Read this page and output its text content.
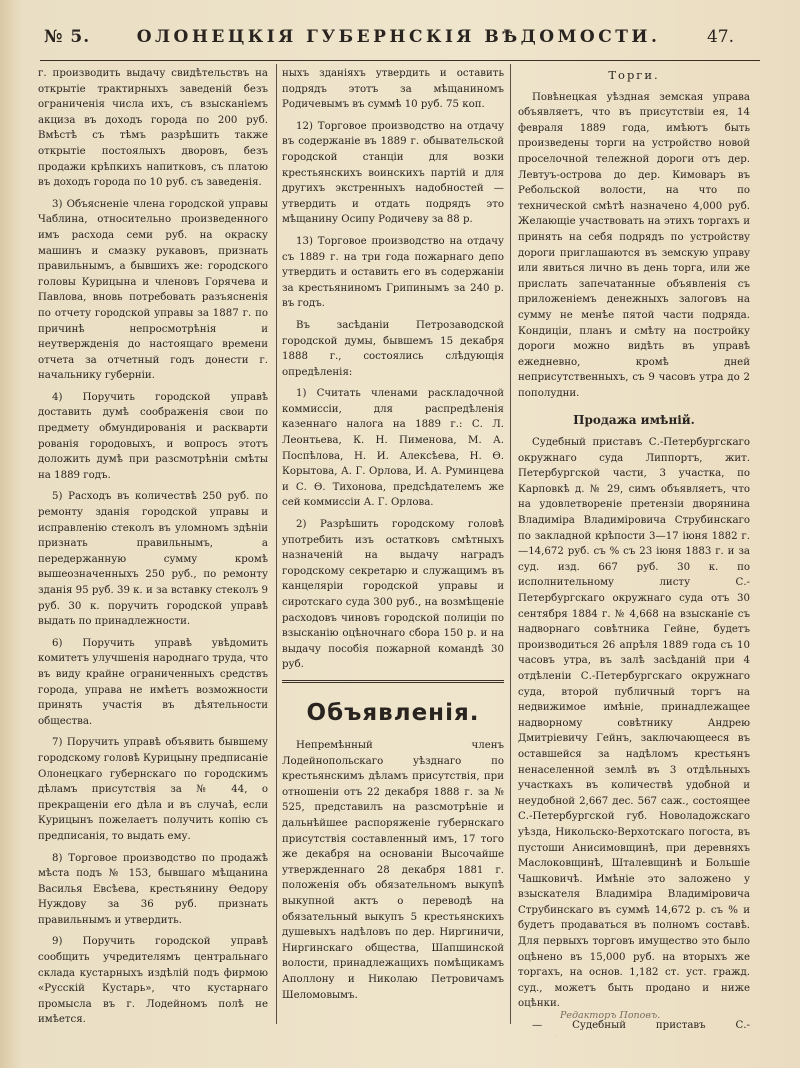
№ 5.	ОЛОНЕЦКІЯ ГУБЕРНСКІЯ ВѢДОМОСТИ.	47.

г. производить выдачу свидѣтельствъ на открытіе трактирныхъ заведеній безъ ограниченія числа ихъ, съ взысканіемъ акциза въ доходъ города по 200 руб. Вмѣстѣ съ тѣмъ разрѣшить также открытіе постоялыхъ дворовъ, безъ продажи крѣпкихъ напитковъ, съ платою въ доходъ города по 10 руб. съ заведенія.

3) Объясненіе члена городской управы Чаблина, относительно произведенного имъ расхода семи руб. на окраску машинъ и смазку рукавовъ, признать правильнымъ, а бывшихъ же: городского головы Курицына и членовъ Горячева и Павлова, вновь потребовать разъясненія по отчету городской управы за 1887 г. по причинѣ непросмотрѣнія и неутвержденія до настоящаго времени отчета за отчетный годъ донести г. начальнику губерніи.

4) Поручить городской управѣ доставить думѣ соображенія свои по предмету обмундированія и раскварти рованія городовыхъ, и вопросъ этотъ доложить думѣ при разсмотрѣніи смѣты на 1889 годъ.

5) Расходъ въ количествѣ 250 руб. по ремонту зданія городской управы и исправленію стеколъ въ уломномъ здѣніи признать правильнымъ, а передержанную сумму кромѣ вышеозначенныхъ 250 руб., по ремонту зданія 95 руб. 39 к. и за вставку стеколъ 9 руб. 30 к. поручить городской управѣ выдать по принадлежности.

6) Поручить управѣ увѣдомить комитетъ улучшенія народнаго труда, что въ виду крайне ограниченныхъ средствъ города, управа не имѣетъ возможности принять участія въ дѣятельности общества.

7) Поручить управѣ объявить бывшему городскому головѣ Курицыну предписаніе Олонецкаго губернскаго по городскимъ дѣламъ присутствія за № 44, о прекращеніи его дѣла и въ случаѣ, если Курицынъ пожелаетъ получить копію съ предписанія, то выдать ему.

8) Торговое производство по продажѣ мѣста подъ № 153, бывшаго мѣщанина Василья Евсѣева, крестьянину Ѳедору Нуждову за 36 руб. признать правильнымъ и утвердить.

9) Поручить городской управѣ сообщить учредителямъ центральнаго склада кустарныхъ издѣлій подъ фирмою «Русскій Кустарь», что кустарнаго промысла въ г. Лодейномъ полѣ не имѣется.

ныхъ зданіяхъ утвердить и оставить подрядъ этотъ за мѣщаниномъ Родичевымъ въ суммѣ 10 руб. 75 коп.

12) Торговое производство на отдачу въ содержаніе въ 1889 г. обывательской городской станціи для возки крестьянскихъ воинскихъ партій и для другихъ экстренныхъ надобностей — утвердить и отдать подрядъ это мѣщанину Осипу Родичеву за 88 р.

13) Торговое производство на отдачу съ 1889 г. на три года пожарнаго депо утвердить и оставить его въ содержаніи за крестьяниномъ Грипинымъ за 240 р. въ годъ.

Въ засѣданіи Петрозаводской городской думы, бывшемъ 15 декабря 1888 г., состоялись слѣдующія опредѣленія:

1) Считать членами раскладочной коммиссіи, для распредѣленія казеннаго налога на 1889 г.: С. Л. Леонтьева, К. Н. Пименова, М. А. Поспѣлова, Н. И. Алексѣева, Н. Ѳ. Корытова, А. Г. Орлова, И. А. Руминцева и С. Ѳ. Тихонова, предсѣдателемъ же сей коммиссіи А. Г. Орлова.

2) Разрѣшить городскому головѣ употребить изъ остатковъ смѣтныхъ назначеній на выдачу наградъ городскому секретарю и служащимъ въ канцеляріи городской управы и сиротскаго суда 300 руб., на возмѣщеніе расходовъ чиновъ городской полиціи по взысканію оцѣночнаго сбора 150 р. и на выдачу пособія пожарной командѣ 30 руб.

Объявленія.

Непремѣнный членъ Лодейнопольскаго уѣзднаго по крестьянскимъ дѣламъ присутствія, при отношеніи отъ 22 декабря 1888 г. за № 525, представилъ на разсмотрѣніе и дальнѣйшее распоряженіе губернскаго присутствія составленный имъ, 17 того же декабря на основаніи Высочайше утвержденнаго 28 декабря 1881 г. положенія объ обязательномъ выкупѣ выкупной актъ о переводѣ на обязательный выкупъ 5 крестьянскихъ душевыхъ надѣловъ по дер. Ниргиничи, Ниргинскаго общества, Шапшинской волости, принадлежащихъ помѣщикамъ Аполлону и Николаю Петровичамъ Шеломовымъ.

Торги.

Повѣнецкая уѣздная земская управа объявляетъ, что въ присутствіи ея, 14 февраля 1889 года, имѣютъ быть произведены торги на устройство новой проселочной тележной дороги отъ дер. Левтуъ-острова до дер. Кимоваръ въ Ребольской волости, на что по технической смѣтѣ назначено 4,000 руб. Желающіе участвовать на этихъ торгахъ и принять на себя подрядъ по устройству дороги приглашаются въ земскую управу или явиться лично въ день торга, или же прислать запечатанные объявленія съ приложеніемъ денежныхъ залоговъ на сумму не менѣе пятой части подряда. Кондиціи, планъ и смѣту на постройку дороги можно видѣть въ управѣ ежедневно, кромѣ дней неприсутственныхъ, съ 9 часовъ утра до 2 пополудни.

Продажа имѣній.

Судебный приставъ С.-Петербургскаго окружнаго суда Липпортъ, жит. Петербургской части, 3 участка, по Карповкѣ д. № 29, симъ объявляетъ, что на удовлетвореніе претензіи дворянина Владиміра Владиміровича Струбинскаго по закладной крѣпости 3—17 іюня 1882 г.—14,672 руб. съ % съ 23 іюня 1883 г. и за суд. изд. 667 руб. 30 к. по исполнительному листу С.-Петербургскаго окружнаго суда отъ 30 сентября 1884 г. № 4,668 на взысканіе съ надворнаго совѣтника Гейне, будетъ производиться 26 апрѣля 1889 года съ 10 часовъ утра, въ залѣ засѣданій при 4 отдѣленіи С.-Петербургскаго окружнаго суда, второй публичный торгъ на недвижимое имѣніе, принадлежащее надворному совѣтнику Андрею Дмитріевичу Гейнъ, заключающееся въ оставшейся за надѣломъ крестьянъ ненаселенной землѣ въ 3 отдѣльныхъ участкахъ въ количествѣ удобной и неудобной 2,667 дес. 567 саж., состоящее С.-Петербургской губ. Новоладожскаго уѣзда, Никольско-Верхотскаго погоста, въ пустоши Анисимовщинѣ, при деревняхъ Маслоковщинѣ, Шталевщинѣ и Большіе Чашковичѣ. Имѣніе это заложено у взыскателя Владиміра Владиміровича Струбинскаго въ суммѣ 14,672 р. съ % и будетъ продаваться въ полномъ составѣ. Для первыхъ торговъ имущество это было оцѣнено въ 15,000 руб. на вторыхъ же торгахъ, на основ. 1,182 ст. уст. гражд. суд., можетъ быть продано и ниже оцѣнки.

— Судебный приставъ С.-

Редакторъ Поповъ.
